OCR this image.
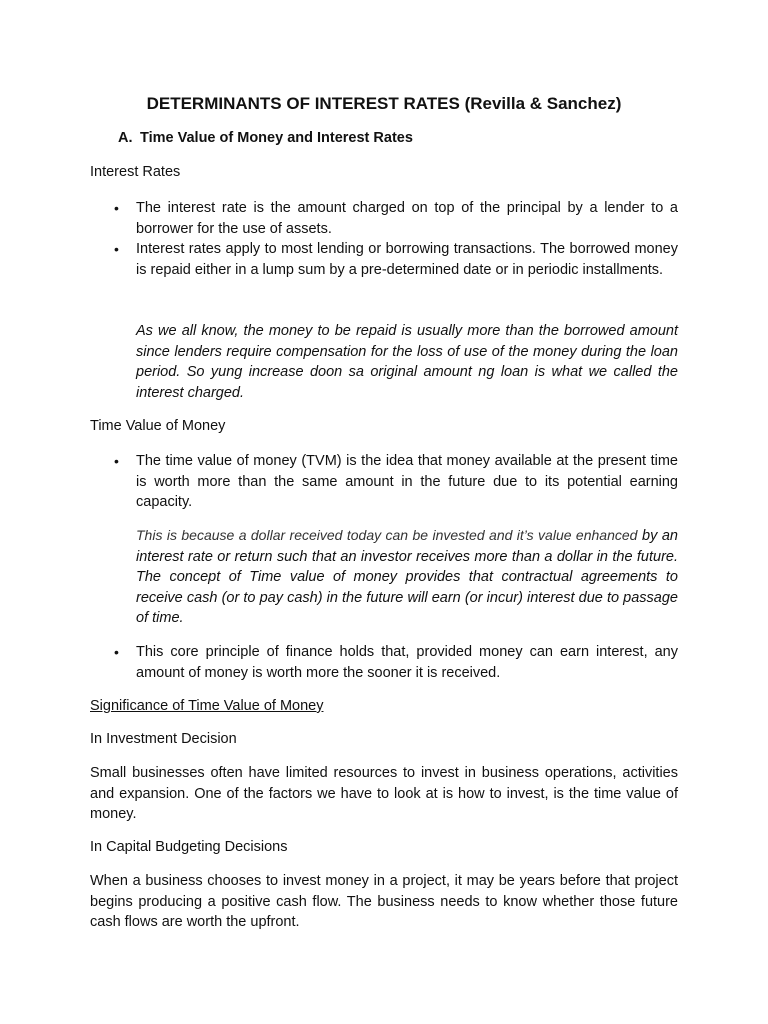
DETERMINANTS OF INTEREST RATES (Revilla & Sanchez)
A. Time Value of Money and Interest Rates

Interest Rates

• The interest rate is the amount charged on top of the principal by a lender to a borrower for the use of assets.
• Interest rates apply to most lending or borrowing transactions. The borrowed money is repaid either in a lump sum by a pre-determined date or in periodic installments.

As we all know, the money to be repaid is usually more than the borrowed amount since lenders require compensation for the loss of use of the money during the loan period. So yung increase doon sa original amount ng loan is what we called the interest charged.

Time Value of Money

• The time value of money (TVM) is the idea that money available at the present time is worth more than the same amount in the future due to its potential earning capacity.

This is because a dollar received today can be invested and it’s value enhanced by an interest rate or return such that an investor receives more than a dollar in the future. The concept of Time value of money provides that contractual agreements to receive cash (or to pay cash) in the future will earn (or incur) interest due to passage of time.

• This core principle of finance holds that, provided money can earn interest, any amount of money is worth more the sooner it is received.

Significance of Time Value of Money

In Investment Decision

Small businesses often have limited resources to invest in business operations, activities and expansion. One of the factors we have to look at is how to invest, is the time value of money.

In Capital Budgeting Decisions

When a business chooses to invest money in a project, it may be years before that project begins producing a positive cash flow. The business needs to know whether those future cash flows are worth the upfront.
